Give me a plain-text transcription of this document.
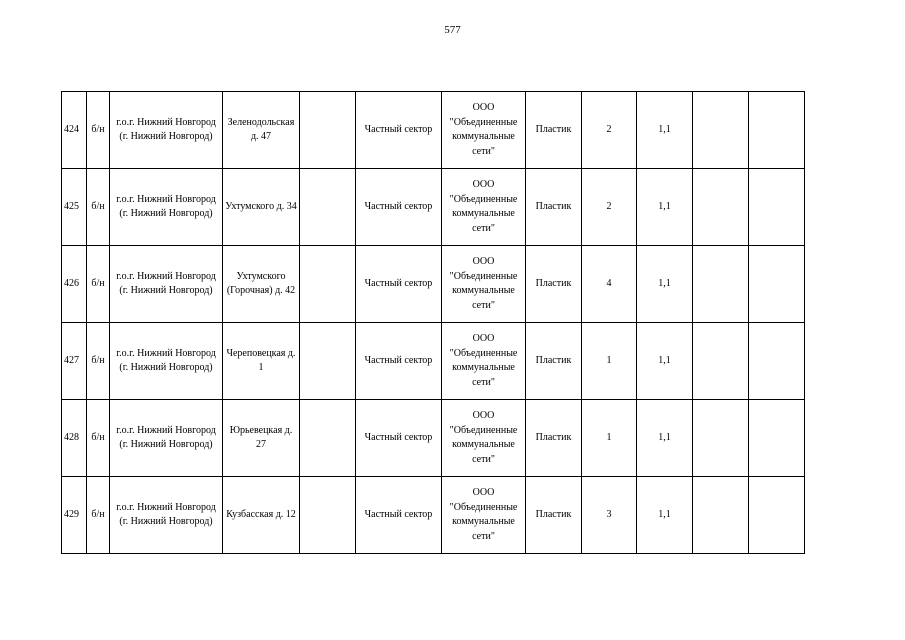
577
424	б/н	г.о.г. Нижний Новгород (г. Нижний Новгород)	Зеленодольская д. 47		Частный сектор	ООО "Объединенные коммунальные сети"	Пластик	2	1,1		
425	б/н	г.о.г. Нижний Новгород (г. Нижний Новгород)	Ухтумского д. 34		Частный сектор	ООО "Объединенные коммунальные сети"	Пластик	2	1,1		
426	б/н	г.о.г. Нижний Новгород (г. Нижний Новгород)	Ухтумского (Горочная) д. 42		Частный сектор	ООО "Объединенные коммунальные сети"	Пластик	4	1,1		
427	б/н	г.о.г. Нижний Новгород (г. Нижний Новгород)	Череповецкая д. 1		Частный сектор	ООО "Объединенные коммунальные сети"	Пластик	1	1,1		
428	б/н	г.о.г. Нижний Новгород (г. Нижний Новгород)	Юрьевецкая д. 27		Частный сектор	ООО "Объединенные коммунальные сети"	Пластик	1	1,1		
429	б/н	г.о.г. Нижний Новгород (г. Нижний Новгород)	Кузбасская д. 12		Частный сектор	ООО "Объединенные коммунальные сети"	Пластик	3	1,1		
